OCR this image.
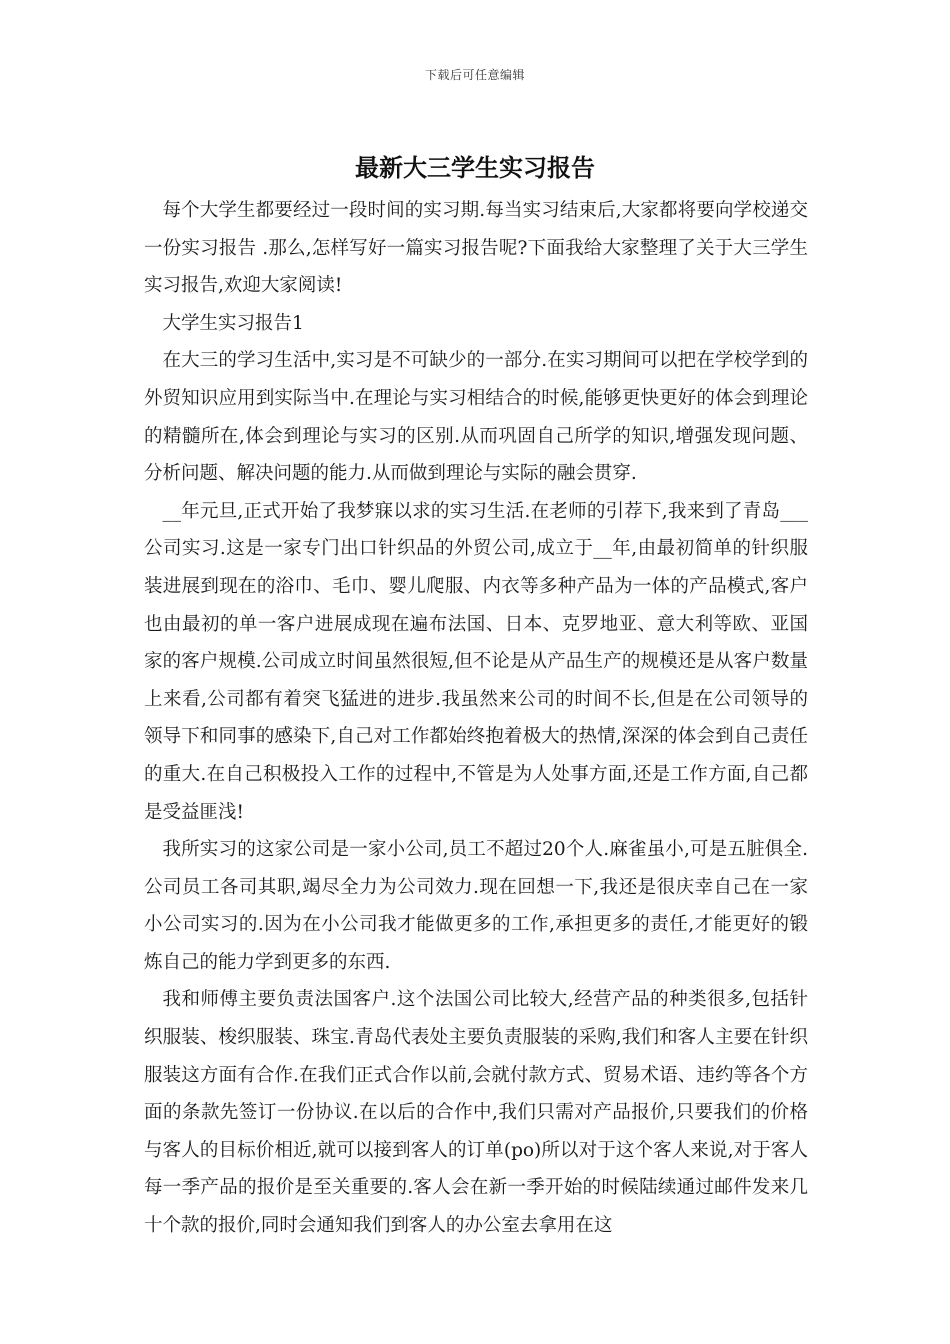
下载后可任意编辑
最新大三学生实习报告

每个大学生都要经过一段时间的实习期.每当实习结束后,大家都将要向学校递交一份实习报告 .那么,怎样写好一篇实习报告呢?下面我给大家整理了关于大三学生实习报告,欢迎大家阅读!

大学生实习报告1

在大三的学习生活中,实习是不可缺少的一部分.在实习期间可以把在学校学到的外贸知识应用到实际当中.在理论与实习相结合的时候,能够更快更好的体会到理论的精髓所在,体会到理论与实习的区别.从而巩固自己所学的知识,增强发现问题、分析问题、解决问题的能力.从而做到理论与实际的融会贯穿.

__年元旦,正式开始了我梦寐以求的实习生活.在老师的引荐下,我来到了青岛___公司实习.这是一家专门出口针织品的外贸公司,成立于__年,由最初简单的针织服装进展到现在的浴巾、毛巾、婴儿爬服、内衣等多种产品为一体的产品模式,客户也由最初的单一客户进展成现在遍布法国、日本、克罗地亚、意大利等欧、亚国家的客户规模.公司成立时间虽然很短,但不论是从产品生产的规模还是从客户数量上来看,公司都有着突飞猛进的进步.我虽然来公司的时间不长,但是在公司领导的领导下和同事的感染下,自己对工作都始终抱着极大的热情,深深的体会到自己责任的重大.在自己积极投入工作的过程中,不管是为人处事方面,还是工作方面,自己都是受益匪浅!

我所实习的这家公司是一家小公司,员工不超过20个人.麻雀虽小,可是五脏俱全.公司员工各司其职,竭尽全力为公司效力.现在回想一下,我还是很庆幸自己在一家小公司实习的.因为在小公司我才能做更多的工作,承担更多的责任,才能更好的锻炼自己的能力学到更多的东西.

我和师傅主要负责法国客户.这个法国公司比较大,经营产品的种类很多,包括针织服装、梭织服装、珠宝.青岛代表处主要负责服装的采购,我们和客人主要在针织服装这方面有合作.在我们正式合作以前,会就付款方式、贸易术语、违约等各个方面的条款先签订一份协议.在以后的合作中,我们只需对产品报价,只要我们的价格与客人的目标价相近,就可以接到客人的订单(po)所以对于这个客人来说,对于客人每一季产品的报价是至关重要的.客人会在新一季开始的时候陆续通过邮件发来几十个款的报价,同时会通知我们到客人的办公室去拿用在这
